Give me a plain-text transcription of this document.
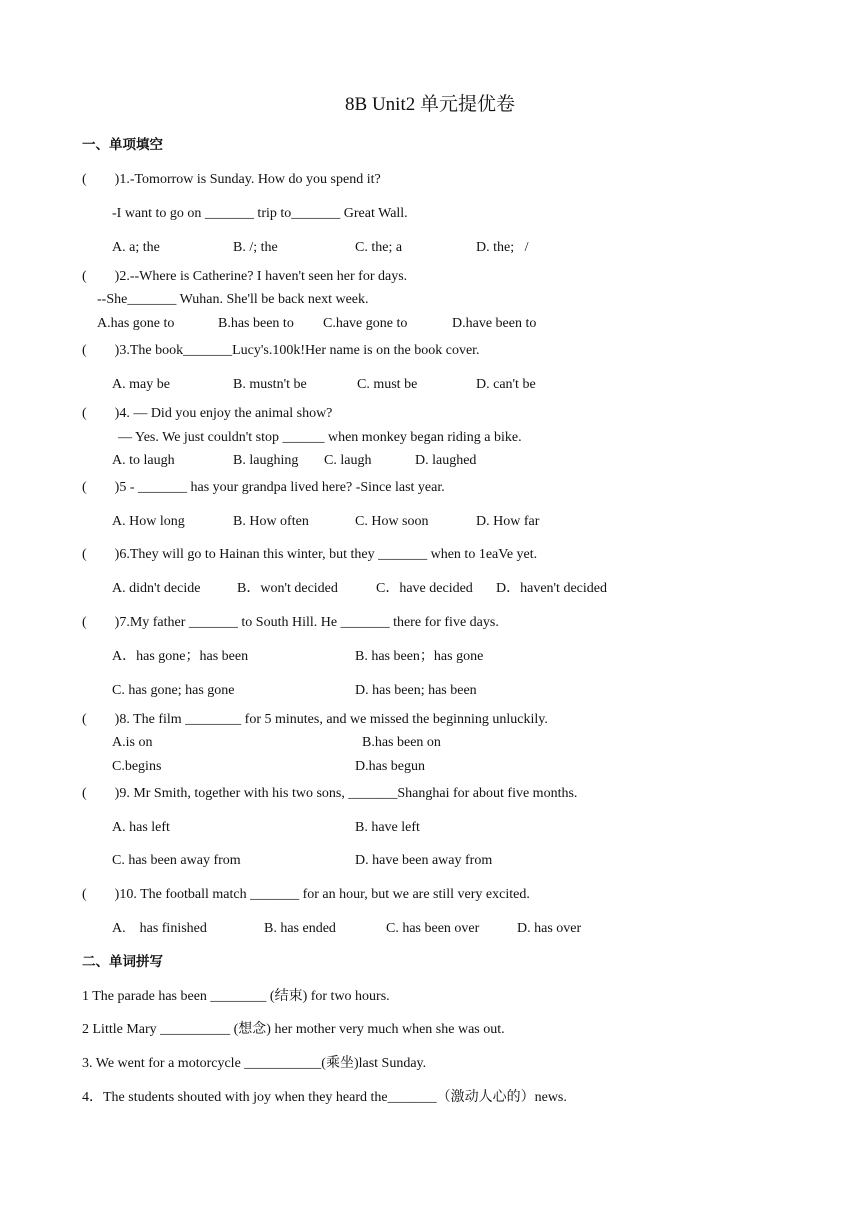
8B Unit2 单元提优卷
一、单项填空
(        )1.-Tomorrow is Sunday. How do you spend it?
-I want to go on _______ trip to_______ Great Wall.
A. a; the	B. /; the	C. the; a	D. the;   /
(        )2.--Where is Catherine? I haven't seen her for days.
--She_______ Wuhan. She'll be back next week.
A.has gone to	B.has been to C.have gone to	D.have been to
(        )3.The book_______Lucy's.100k!Her name is on the book cover.
A. may be	B. mustn't be	C. must be	D. can't be
(        )4. — Did you enjoy the animal show?
— Yes. We just couldn't stop ______ when monkey began riding a bike.
A. to laugh	B. laughing C. laugh	D. laughed
(        )5 - _______ has your grandpa lived here? -Since last year.
A. How long	B. How often	C. How soon	D. How far
(        )6.They will go to Hainan this winter, but they _______ when to 1eaVe yet.
A. didn't decide	B．won't decided	C．have decided D．haven't decided
(        )7.My father _______ to South Hill. He _______ there for five days.
A．has gone；has been	B. has been；has gone
C. has gone; has gone	D. has been; has been
(        )8. The film ________ for 5 minutes, and we missed the beginning unluckily.
A.is on	B.has been on
C.begins	D.has begun
(        )9. Mr Smith, together with his two sons, _______Shanghai for about five months.
A. has left	B. have left
C. has been away from	D. have been away from
(        )10. The football match _______ for an hour, but we are still very excited.
A.    has finished	B. has ended	C. has been over	D. has over
二、单词拼写
1 The parade has been ________ (结束) for two hours.
2 Little Mary __________ (想念) her mother very much when she was out.
3. We went for a motorcycle ___________(乘坐)last Sunday.
4．The students shouted with joy when they heard the_______（激动人心的）news.
